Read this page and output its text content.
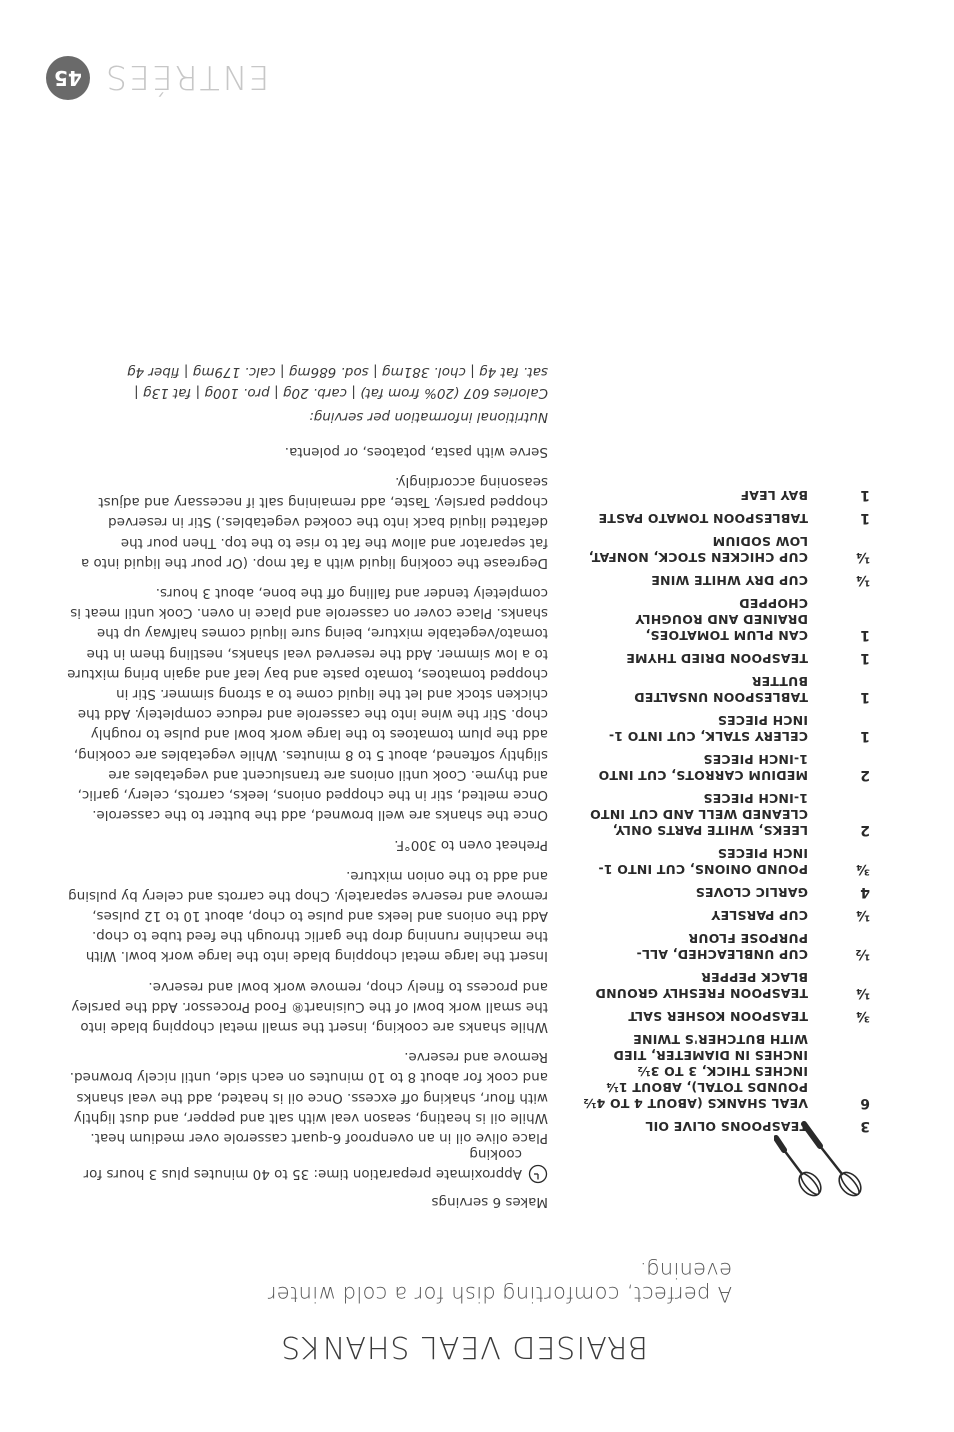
BRAISED VEAL SHANKS

A perfect, comforting dish for a cold winter evening.

3
TEASPOONS OLIVE OIL
6
VEAL SHANKS (ABOUT 4 TO 4½ POUNDS TOTAL), ABOUT 1¼ INCHES THICK, 3 TO 3½ INCHES IN DIAMETER, TIED WITH BUTCHER'S TWINE
¾
TEASPOON KOSHER SALT
¼
TEASPOON FRESHLY GROUND BLACK PEPPER
½
CUP UNBLEACHED, ALL-PURPOSE FLOUR
¼
CUP PARSLEY
4
GARLIC CLOVES
¾
POUND ONIONS, CUT INTO 1-INCH PIECES
2
LEEKS, WHITE PARTS ONLY, CLEANED WELL AND CUT INTO 1-INCH PIECES
2
MEDIUM CARROTS, CUT INTO 1-INCH PIECES
1
CELERY STALK, CUT INTO 1-INCH PIECES
1
TABLESPOON UNSALTED BUTTER
1
TEASPOON DRIED THYME
1
CAN PLUM TOMATOES, DRAINED AND ROUGHLY CHOPPED
¼
CUP DRY WHITE WINE
¼
CUP CHICKEN STOCK, NONFAT, LOW SODIUM
1
TABLESPOON TOMATO PASTE
1
BAY LEAF

Makes 6 servings

Approximate preparation time: 35 to 40 minutes plus 3 hours for cooking

Place olive oil in an ovenproof 6-quart casserole over medium heat. While oil is heating, season veal with salt and pepper, and dust lightly with flour, shaking off excess. Once oil is heated, add the veal shanks and cook for about 8 to 10 minutes on each side, until nicely browned. Remove and reserve.

While shanks are cooking, insert the small metal chopping blade into the small work bowl of the Cuisinart® Food Processor. Add the parsley and process to finely chop, remove work bowl and reserve.

Insert the large metal chopping blade into the large work bowl. With the machine running drop the garlic through the feed tube to chop. Add the onions and leeks and pulse to chop, about 10 to 12 pulses, remove and reserve separately. Chop the carrots and celery by pulsing and add to the onion mixture.

Preheat oven to 300°F.

Once the shanks are well browned, add the butter to the casserole. Once melted, stir in the chopped onions, leeks, carrots, celery, garlic, and thyme. Cook until onions are translucent and vegetables are slightly softened, about 5 to 8 minutes. While vegetables are cooking, add the plum tomatoes to the large work bowl and pulse to roughly chop. Stir the wine into the casserole and reduce completely. Add the chicken stock and let the liquid come to a strong simmer. Stir in chopped tomatoes, tomato paste and bay leaf and again bring mixture to a low simmer. Add the reserved veal shanks, nestling them in the tomato/vegetable mixture, being sure liquid comes halfway up the shanks. Place cover on casserole and place in oven. Cook until meat is completely tender and falling off the bone, about 3 hours.

Degrease the cooking liquid with a fat mop. (Or pour the liquid into a fat separator and allow the fat to rise to the top. Then pour the defatted liquid back into the cooked vegetables.) Stir in reserved chopped parsley. Taste, add remaining salt if necessary and adjust seasoning accordingly.

Serve with pasta, potatoes, or polenta.

Nutritional information per serving:

Calories 607 (20% from fat) | carb. 20g | pro. 100g | fat 13g |

sat. fat 4g | chol. 381mg | sod. 686mg | calc. 179mg | fiber 4g

ENTRÉES
45
